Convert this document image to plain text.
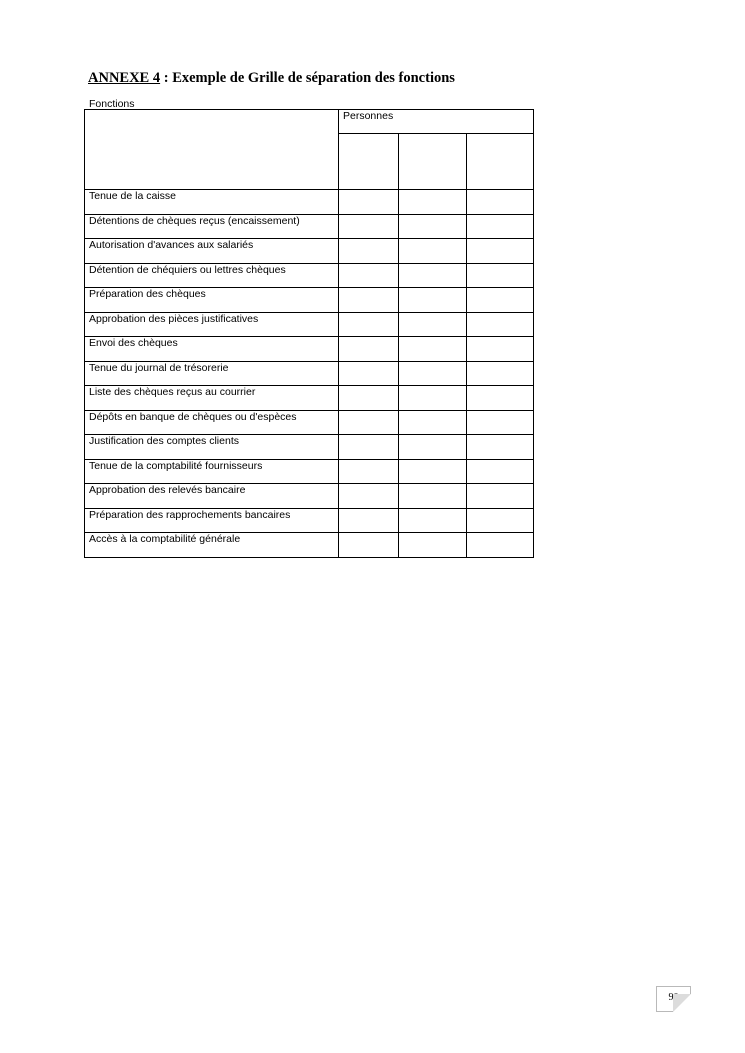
ANNEXE 4 : Exemple de Grille de séparation des fonctions
Fonctions	Personnes		

Tenue de la caisse			
Détentions de chèques reçus (encaissement)			
Autorisation d'avances aux salariés			
Détention de chéquiers ou lettres chèques			
Préparation des chèques			
Approbation des pièces justificatives			
Envoi des chèques			
Tenue du journal de trésorerie			
Liste des chèques reçus au courrier			
Dépôts en banque de chèques ou d'espèces			
Justification des comptes clients			
Tenue de la comptabilité fournisseurs			
Approbation des relevés bancaire			
Préparation des rapprochements bancaires			
Accès à la comptabilité générale			
90
